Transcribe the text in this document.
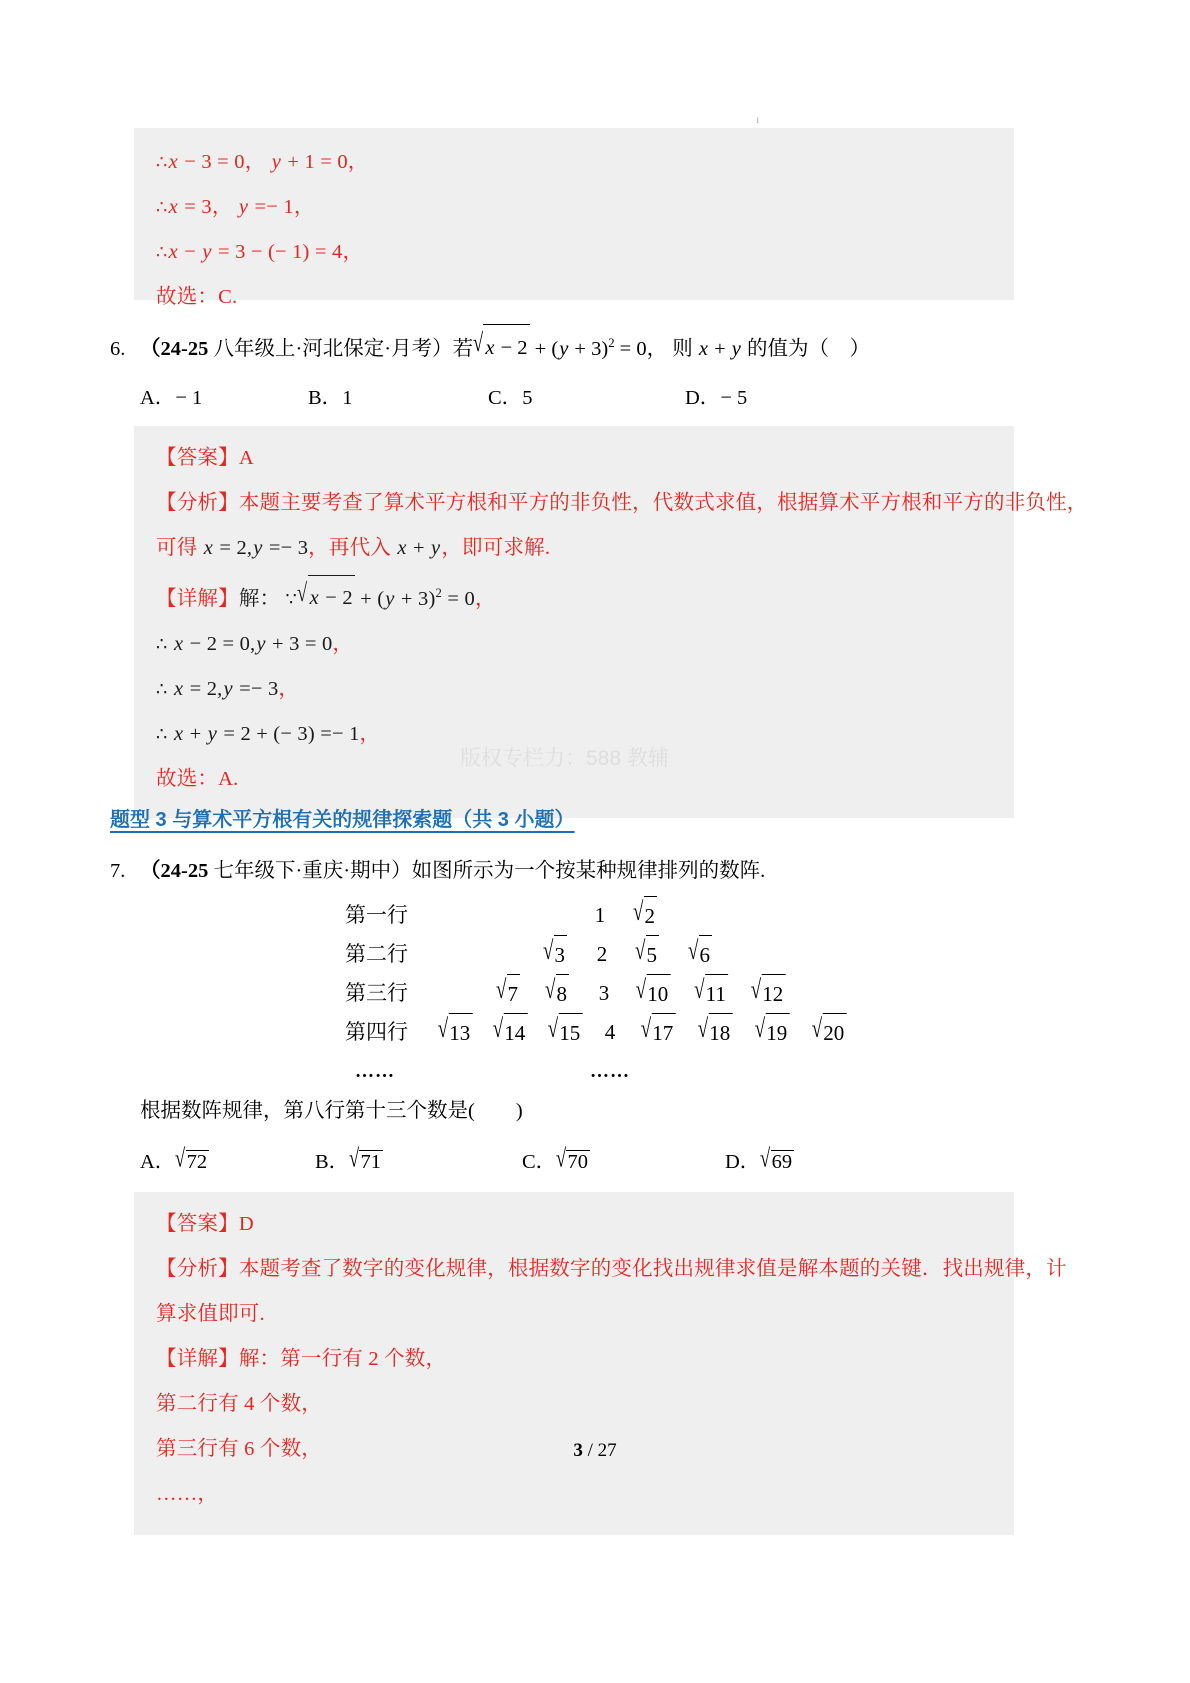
ı
∴x − 3 = 0， y + 1 = 0，
∴x = 3， y =− 1，
∴x − y = 3 − (− 1) = 4，
故选：C.
6. （24-25 八年级上·河北保定·月考）若√ $x - 2 + (y + 3)^2 = 0$， 则 x + y 的值为（　）
A．− 1	B．1	C．5	D．− 5
【答案】A
【分析】本题主要考查了算术平方根和平方的非负性，代数式求值，根据算术平方根和平方的非负性，
可得 x = 2,y =− 3，再代入 x + y，即可求解.
【详解】解： ∵√ $x - 2 + (y + 3)^2 = 0$，
∴ x − 2 = 0,y + 3 = 0，
∴ x = 2,y =− 3，
∴ x + y = 2 + (− 3) =− 1，
故选：A.
版权专栏力：588 教辅
题型 3 与算术平方根有关的规律探索题（共 3 小题）
7. （24-25 七年级下·重庆·期中）如图所示为一个按某种规律排列的数阵.
第一行	1 √2
第二行	√3 2 √5 √6
第三行	√7 √8 3 √10 √11 √12
第四行 √13 √14 √15 4 √17 √18 √19 √20
……	……
根据数阵规律，第八行第十三个数是(　　)
A．√72	B．√71	C．√70	D．√69
【答案】D
【分析】本题考查了数字的变化规律，根据数字的变化找出规律求值是解本题的关键．找出规律，计
算求值即可.
【详解】解：第一行有 2 个数，
第二行有 4 个数，
第三行有 6 个数，
……，
3 / 27
